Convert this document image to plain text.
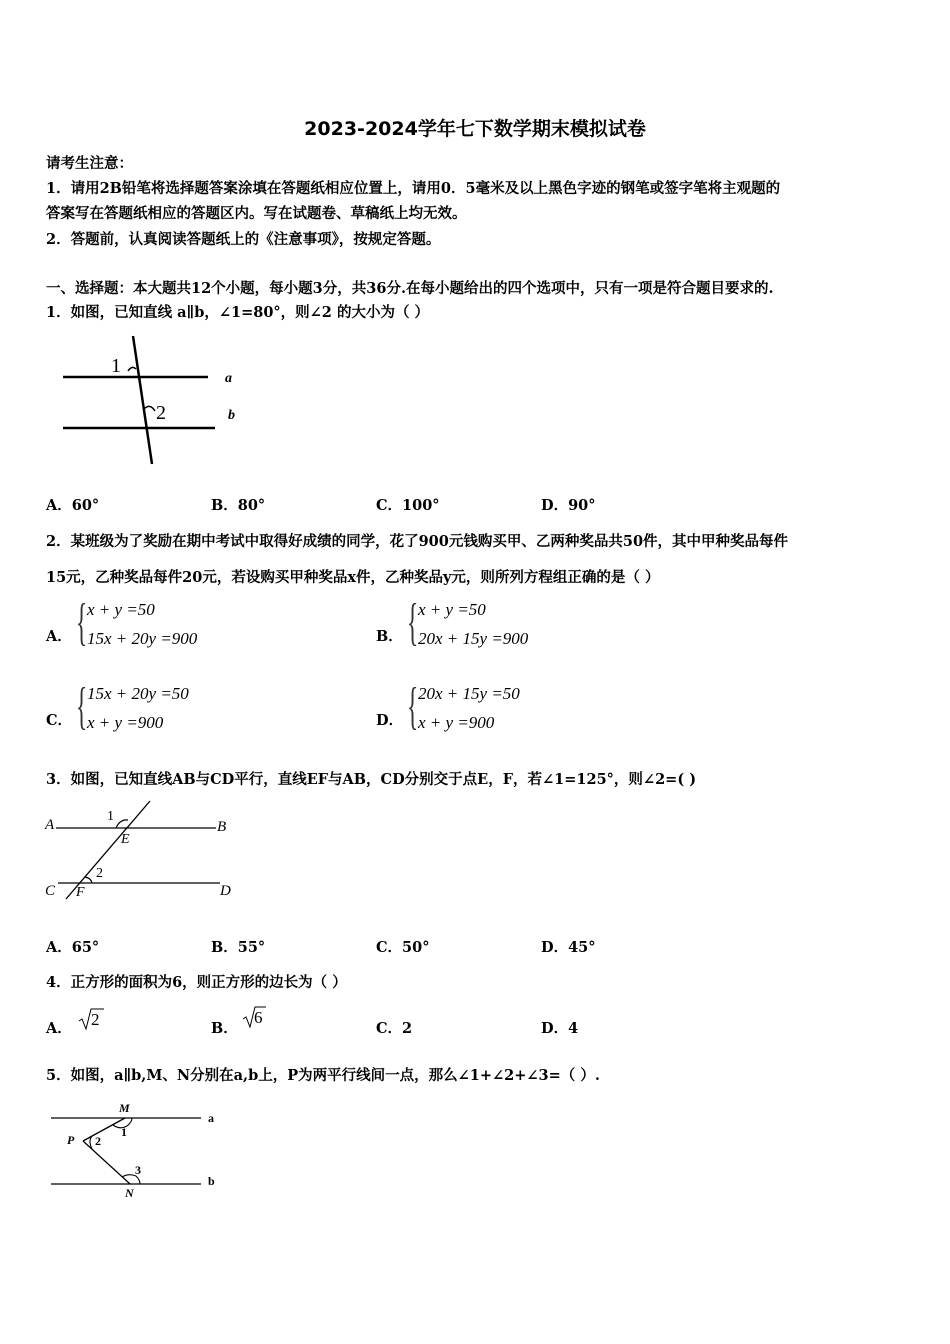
2023-2024学年七下数学期末模拟试卷
请考生注意：
1．请用2B铅笔将选择题答案涂填在答题纸相应位置上，请用0．5毫米及以上黑色字迹的钢笔或签字笔将主观题的
答案写在答题纸相应的答题区内。写在试题卷、草稿纸上均无效。
2．答题前，认真阅读答题纸上的《注意事项》，按规定答题。
一、选择题：本大题共12个小题，每小题3分，共36分.在每小题给出的四个选项中，只有一项是符合题目要求的.
1．如图，已知直线 a∥b，∠1=80°，则∠2 的大小为（ ）
1
2
a
b
A．60°	B．80°	C．100°	D．90°
2．某班级为了奖励在期中考试中取得好成绩的同学，花了900元钱购买甲、乙两种奖品共50件，其中甲种奖品每件
15元，乙种奖品每件20元，若设购买甲种奖品x件，乙种奖品y元，则所列方程组正确的是（ ）
A． { x + y =50
15x + 20y =900	B． { x + y =50
20x + 15y =900
C． { 15x + 20y =50
x + y =900	D． { 20x + 15y =50
x + y =900
3．如图，已知直线AB与CD平行，直线EF与AB，CD分别交于点E，F，若∠1=125°，则∠2=( )
A	B
C	D
E
F
1
2
A．65°	B．55°	C．50°	D．45°
4．正方形的面积为6，则正方形的边长为（ ）
A． 2	B．
6
C．2	D．4
5．如图，a∥b,M、N分别在a,b上，P为两平行线间一点，那么∠1+∠2+∠3=（ ）.
M
N
P
1
2
3
a
b
